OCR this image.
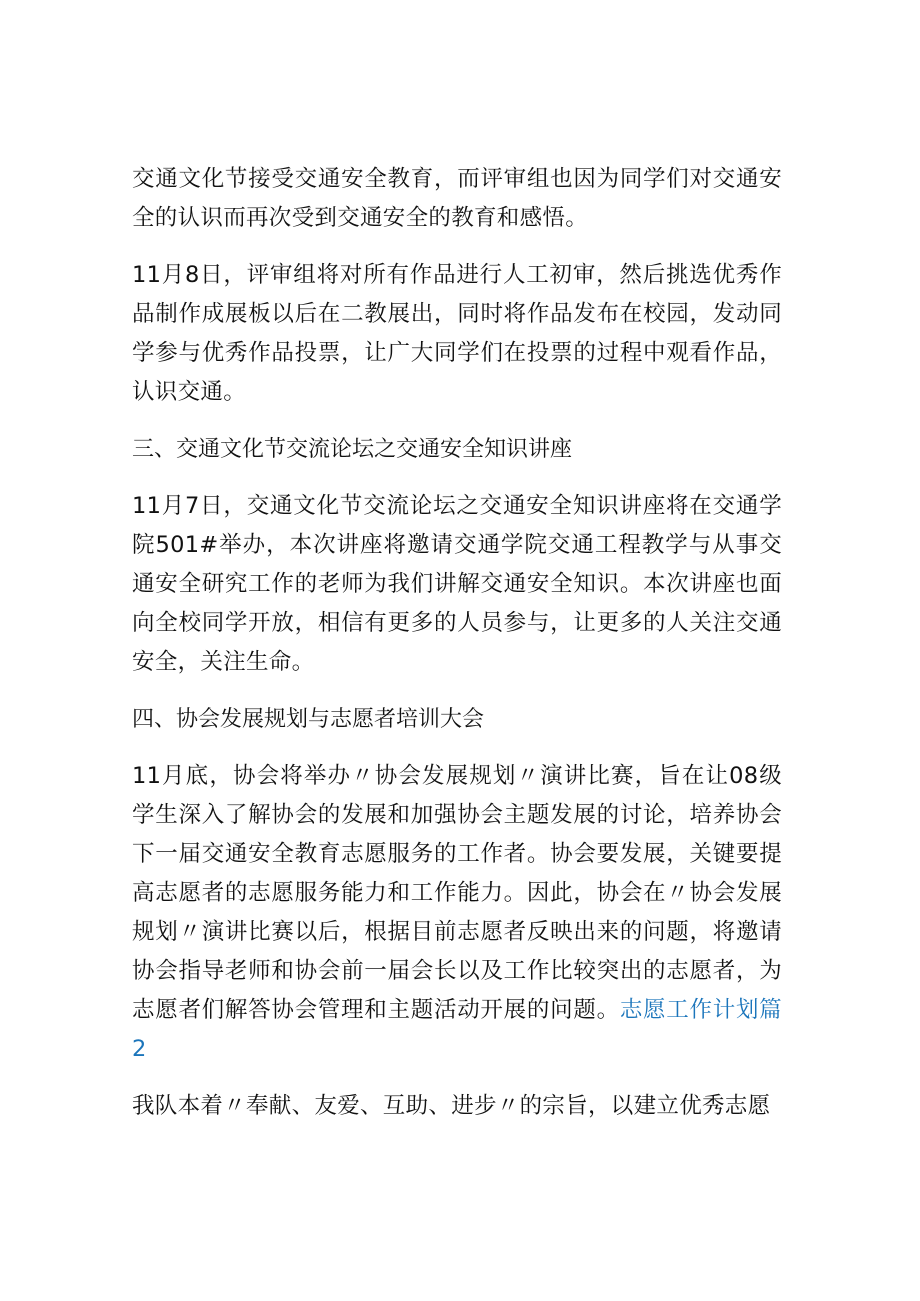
交通文化节接受交通安全教育，而评审组也因为同学们对交通安全的认识而再次受到交通安全的教育和感悟。

11月8日，评审组将对所有作品进行人工初审，然后挑选优秀作品制作成展板以后在二教展出，同时将作品发布在校园，发动同学参与优秀作品投票，让广大同学们在投票的过程中观看作品，认识交通。

三、交通文化节交流论坛之交通安全知识讲座

11月7日，交通文化节交流论坛之交通安全知识讲座将在交通学院501#举办，本次讲座将邀请交通学院交通工程教学与从事交通安全研究工作的老师为我们讲解交通安全知识。本次讲座也面向全校同学开放，相信有更多的人员参与，让更多的人关注交通安全，关注生命。

四、协会发展规划与志愿者培训大会

11月底，协会将举办〃协会发展规划〃演讲比赛，旨在让08级学生深入了解协会的发展和加强协会主题发展的讨论，培养协会下一届交通安全教育志愿服务的工作者。协会要发展，关键要提高志愿者的志愿服务能力和工作能力。因此，协会在〃协会发展规划〃演讲比赛以后，根据目前志愿者反映出来的问题，将邀请协会指导老师和协会前一届会长以及工作比较突出的志愿者，为志愿者们解答协会管理和主题活动开展的问题。志愿工作计划篇2

我队本着〃奉献、友爱、互助、进步〃的宗旨，以建立优秀志愿
